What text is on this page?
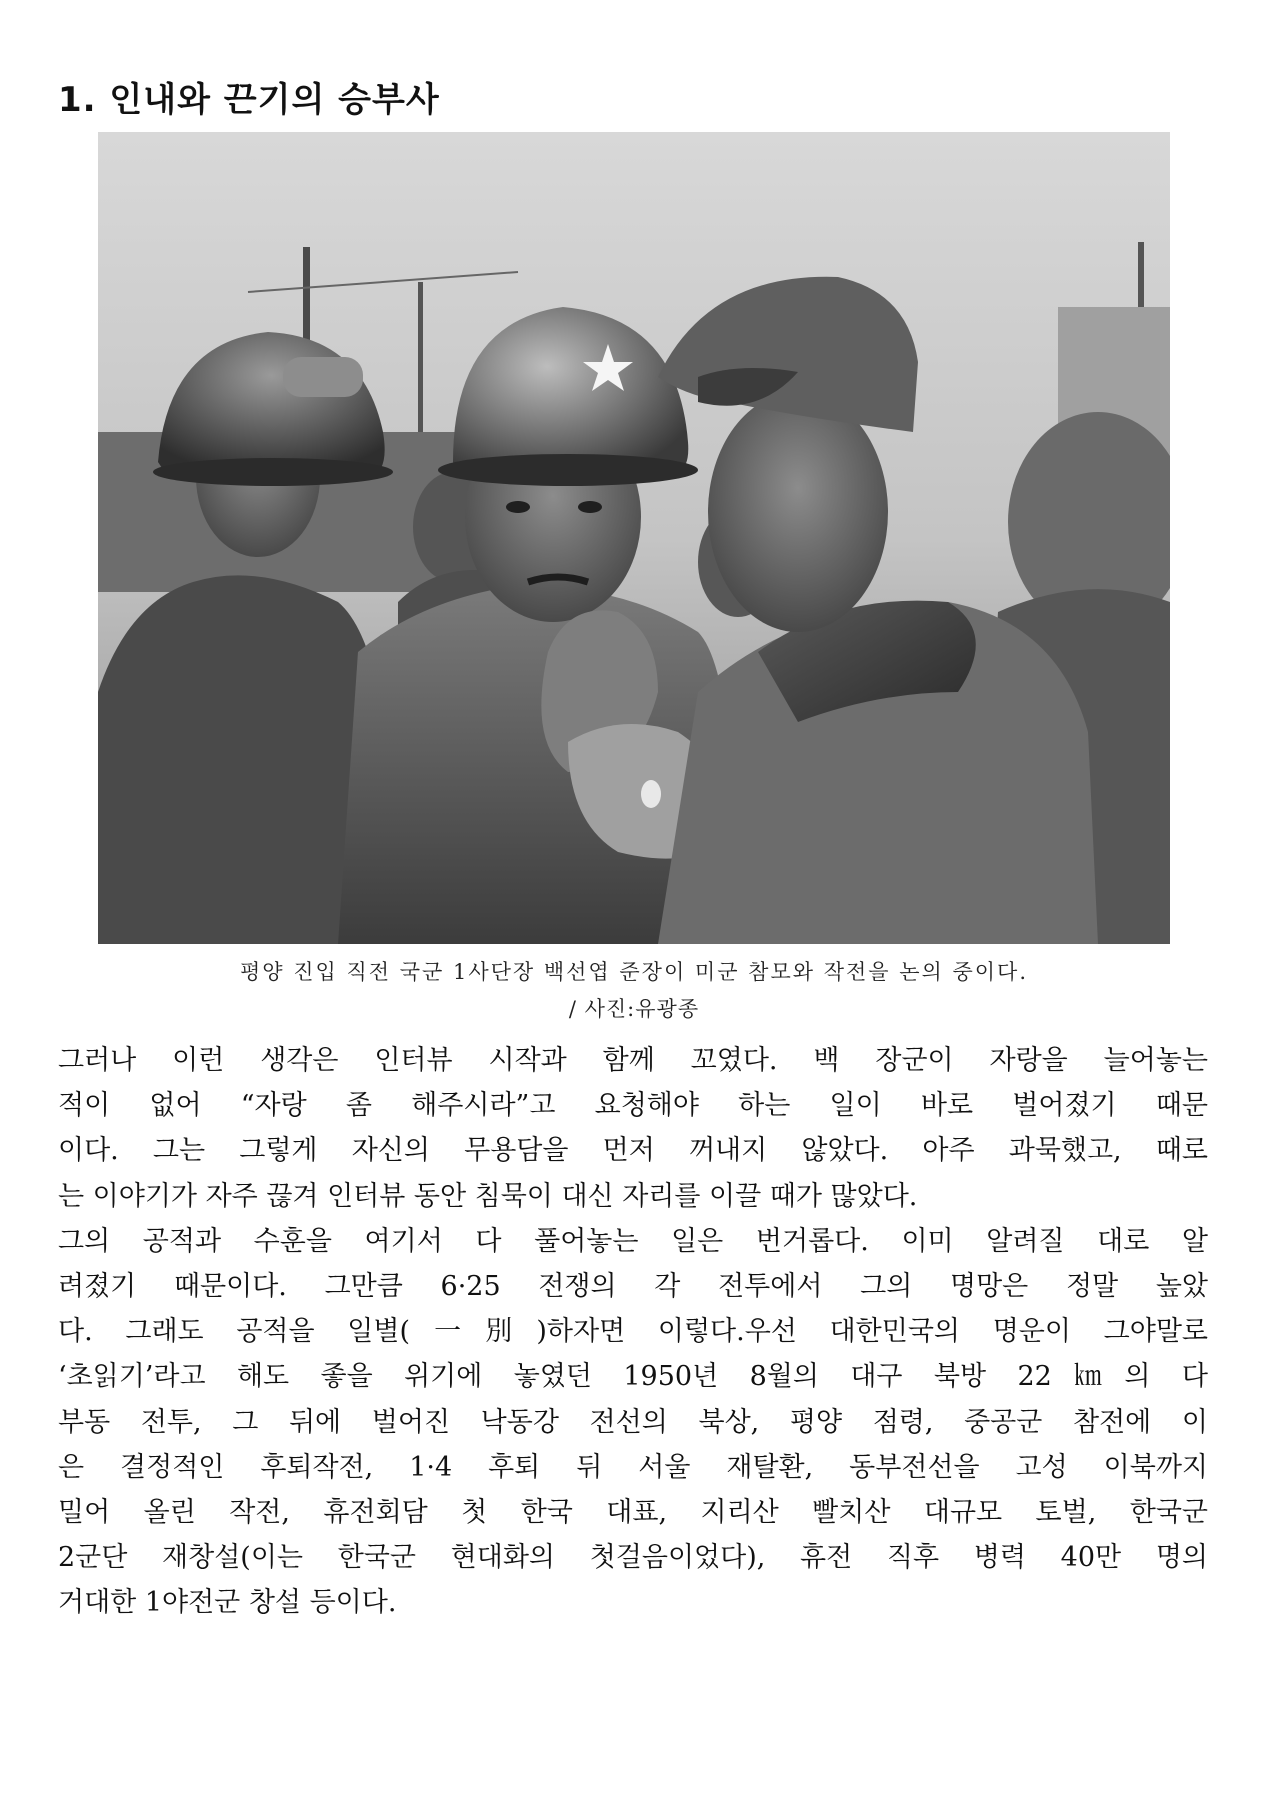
1. 인내와 끈기의 승부사
평양 진입 직전 국군 1사단장 백선엽 준장이 미군 참모와 작전을 논의 중이다.
/ 사진:유광종
그러나 이런 생각은 인터뷰 시작과 함께 꼬였다. 백 장군이 자랑을 늘어놓는
적이 없어 “자랑 좀 해주시라”고 요청해야 하는 일이 바로 벌어졌기 때문
이다. 그는 그렇게 자신의 무용담을 먼저 꺼내지 않았다. 아주 과묵했고, 때로
는 이야기가 자주 끊겨 인터뷰 동안 침묵이 대신 자리를 이끌 때가 많았다.
그의 공적과 수훈을 여기서 다 풀어놓는 일은 번거롭다. 이미 알려질 대로 알
려졌기 때문이다. 그만큼 6·25 전쟁의 각 전투에서 그의 명망은 정말 높았
다. 그래도 공적을 일별(一別)하자면 이렇다.우선 대한민국의 명운이 그야말로
‘초읽기’라고 해도 좋을 위기에 놓였던 1950년 8월의 대구 북방 22㎞의 다
부동 전투, 그 뒤에 벌어진 낙동강 전선의 북상, 평양 점령, 중공군 참전에 이
은 결정적인 후퇴작전, 1·4 후퇴 뒤 서울 재탈환, 동부전선을 고성 이북까지
밀어 올린 작전, 휴전회담 첫 한국 대표, 지리산 빨치산 대규모 토벌, 한국군
2군단 재창설(이는 한국군 현대화의 첫걸음이었다), 휴전 직후 병력 40만 명의
거대한 1야전군 창설 등이다.
